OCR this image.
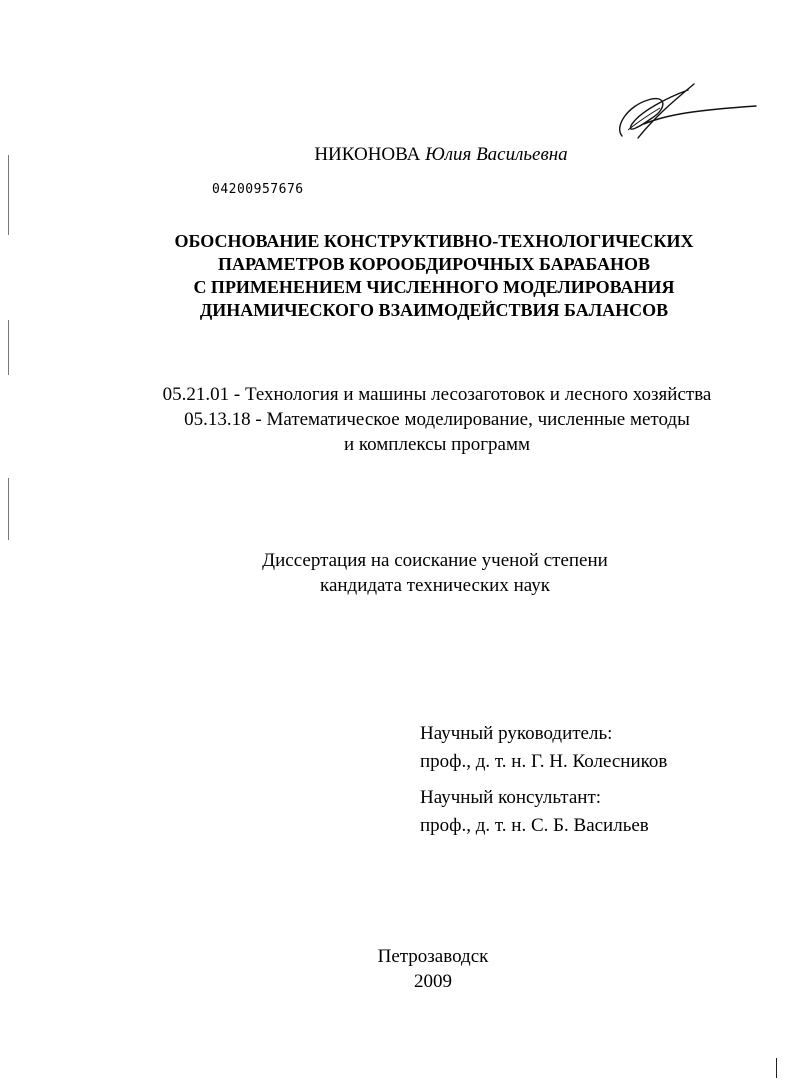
НИКОНОВА Юлия Васильевна
04200957676
ОБОСНОВАНИЕ КОНСТРУКТИВНО-ТЕХНОЛОГИЧЕСКИХ
ПАРАМЕТРОВ КОРООБДИРОЧНЫХ БАРАБАНОВ
С ПРИМЕНЕНИЕМ ЧИСЛЕННОГО МОДЕЛИРОВАНИЯ
ДИНАМИЧЕСКОГО ВЗАИМОДЕЙСТВИЯ БАЛАНСОВ
05.21.01 - Технология и машины лесозаготовок и лесного хозяйства
05.13.18 - Математическое моделирование, численные методы
и комплексы программ
Диссертация на соискание ученой степени
кандидата технических наук
Научный руководитель:
проф., д. т. н. Г. Н. Колесников
Научный консультант:
проф., д. т. н. С. Б. Васильев
Петрозаводск
2009
